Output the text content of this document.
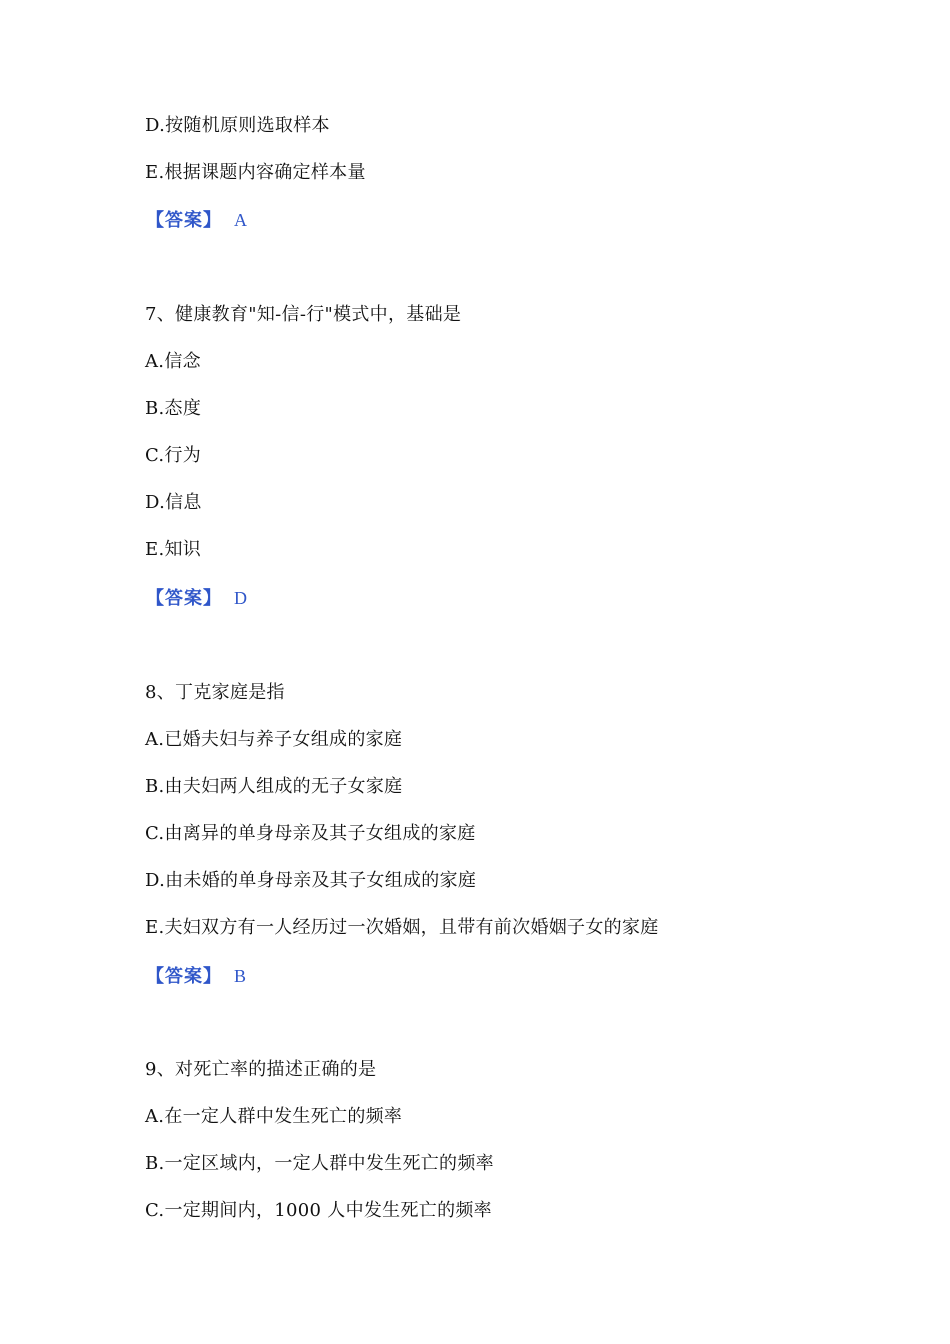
D.按随机原则选取样本
E.根据课题内容确定样本量
【答案】 A
7、健康教育"知-信-行"模式中，基础是
A.信念
B.态度
C.行为
D.信息
E.知识
【答案】 D
8、丁克家庭是指
A.已婚夫妇与养子女组成的家庭
B.由夫妇两人组成的无子女家庭
C.由离异的单身母亲及其子女组成的家庭
D.由未婚的单身母亲及其子女组成的家庭
E.夫妇双方有一人经历过一次婚姻，且带有前次婚姻子女的家庭
【答案】 B
9、对死亡率的描述正确的是
A.在一定人群中发生死亡的频率
B.一定区域内，一定人群中发生死亡的频率
C.一定期间内，1000 人中发生死亡的频率
